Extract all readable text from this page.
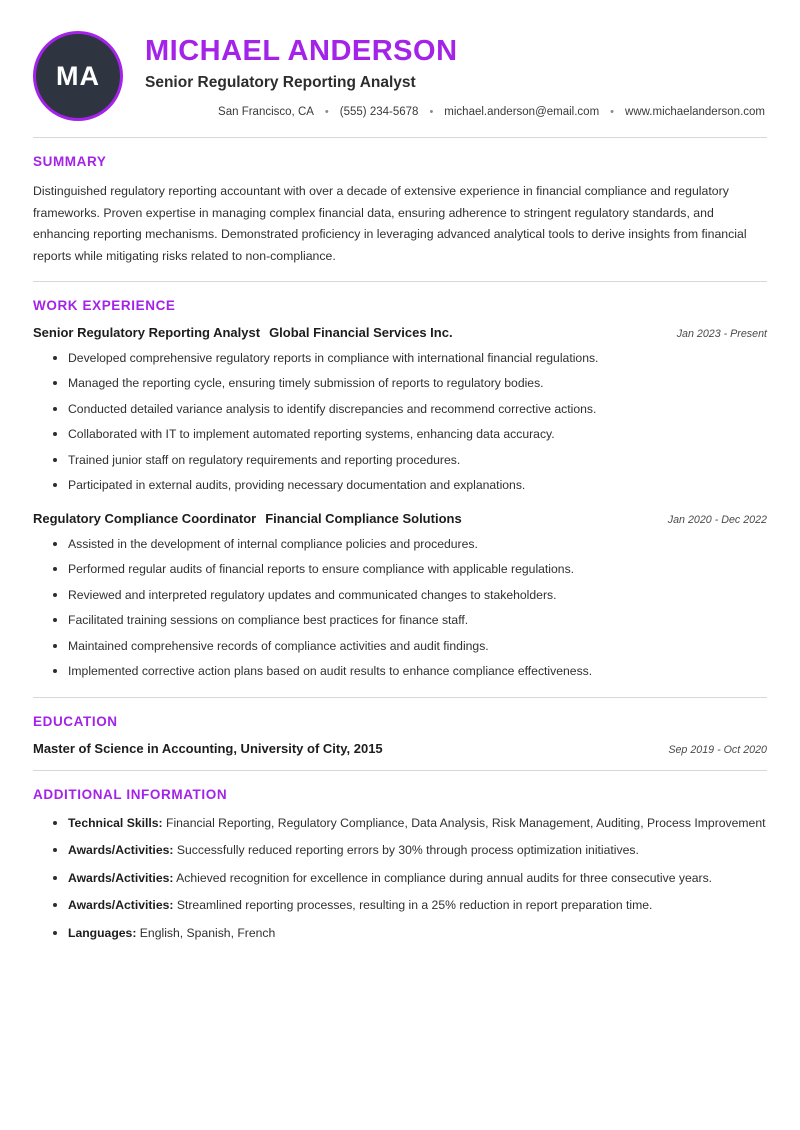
MA
MICHAEL ANDERSON
Senior Regulatory Reporting Analyst
San Francisco, CA • (555) 234-5678 • michael.anderson@email.com • www.michaelanderson.com
SUMMARY

Distinguished regulatory reporting accountant with over a decade of extensive experience in financial compliance and regulatory frameworks. Proven expertise in managing complex financial data, ensuring adherence to stringent regulatory standards, and enhancing reporting mechanisms. Demonstrated proficiency in leveraging advanced analytical tools to derive insights from financial reports while mitigating risks related to non-compliance.

WORK EXPERIENCE
Senior Regulatory Reporting Analyst Global Financial Services Inc.	Jan 2023 - Present
Developed comprehensive regulatory reports in compliance with international financial regulations.
Managed the reporting cycle, ensuring timely submission of reports to regulatory bodies.
Conducted detailed variance analysis to identify discrepancies and recommend corrective actions.
Collaborated with IT to implement automated reporting systems, enhancing data accuracy.
Trained junior staff on regulatory requirements and reporting procedures.
Participated in external audits, providing necessary documentation and explanations.
Regulatory Compliance Coordinator Financial Compliance Solutions	Jan 2020 - Dec 2022
Assisted in the development of internal compliance policies and procedures.
Performed regular audits of financial reports to ensure compliance with applicable regulations.
Reviewed and interpreted regulatory updates and communicated changes to stakeholders.
Facilitated training sessions on compliance best practices for finance staff.
Maintained comprehensive records of compliance activities and audit findings.
Implemented corrective action plans based on audit results to enhance compliance effectiveness.
EDUCATION
Master of Science in Accounting, University of City, 2015	Sep 2019 - Oct 2020
ADDITIONAL INFORMATION
Technical Skills: Financial Reporting, Regulatory Compliance, Data Analysis, Risk Management, Auditing, Process Improvement
Awards/Activities: Successfully reduced reporting errors by 30% through process optimization initiatives.
Awards/Activities: Achieved recognition for excellence in compliance during annual audits for three consecutive years.
Awards/Activities: Streamlined reporting processes, resulting in a 25% reduction in report preparation time.
Languages: English, Spanish, French
